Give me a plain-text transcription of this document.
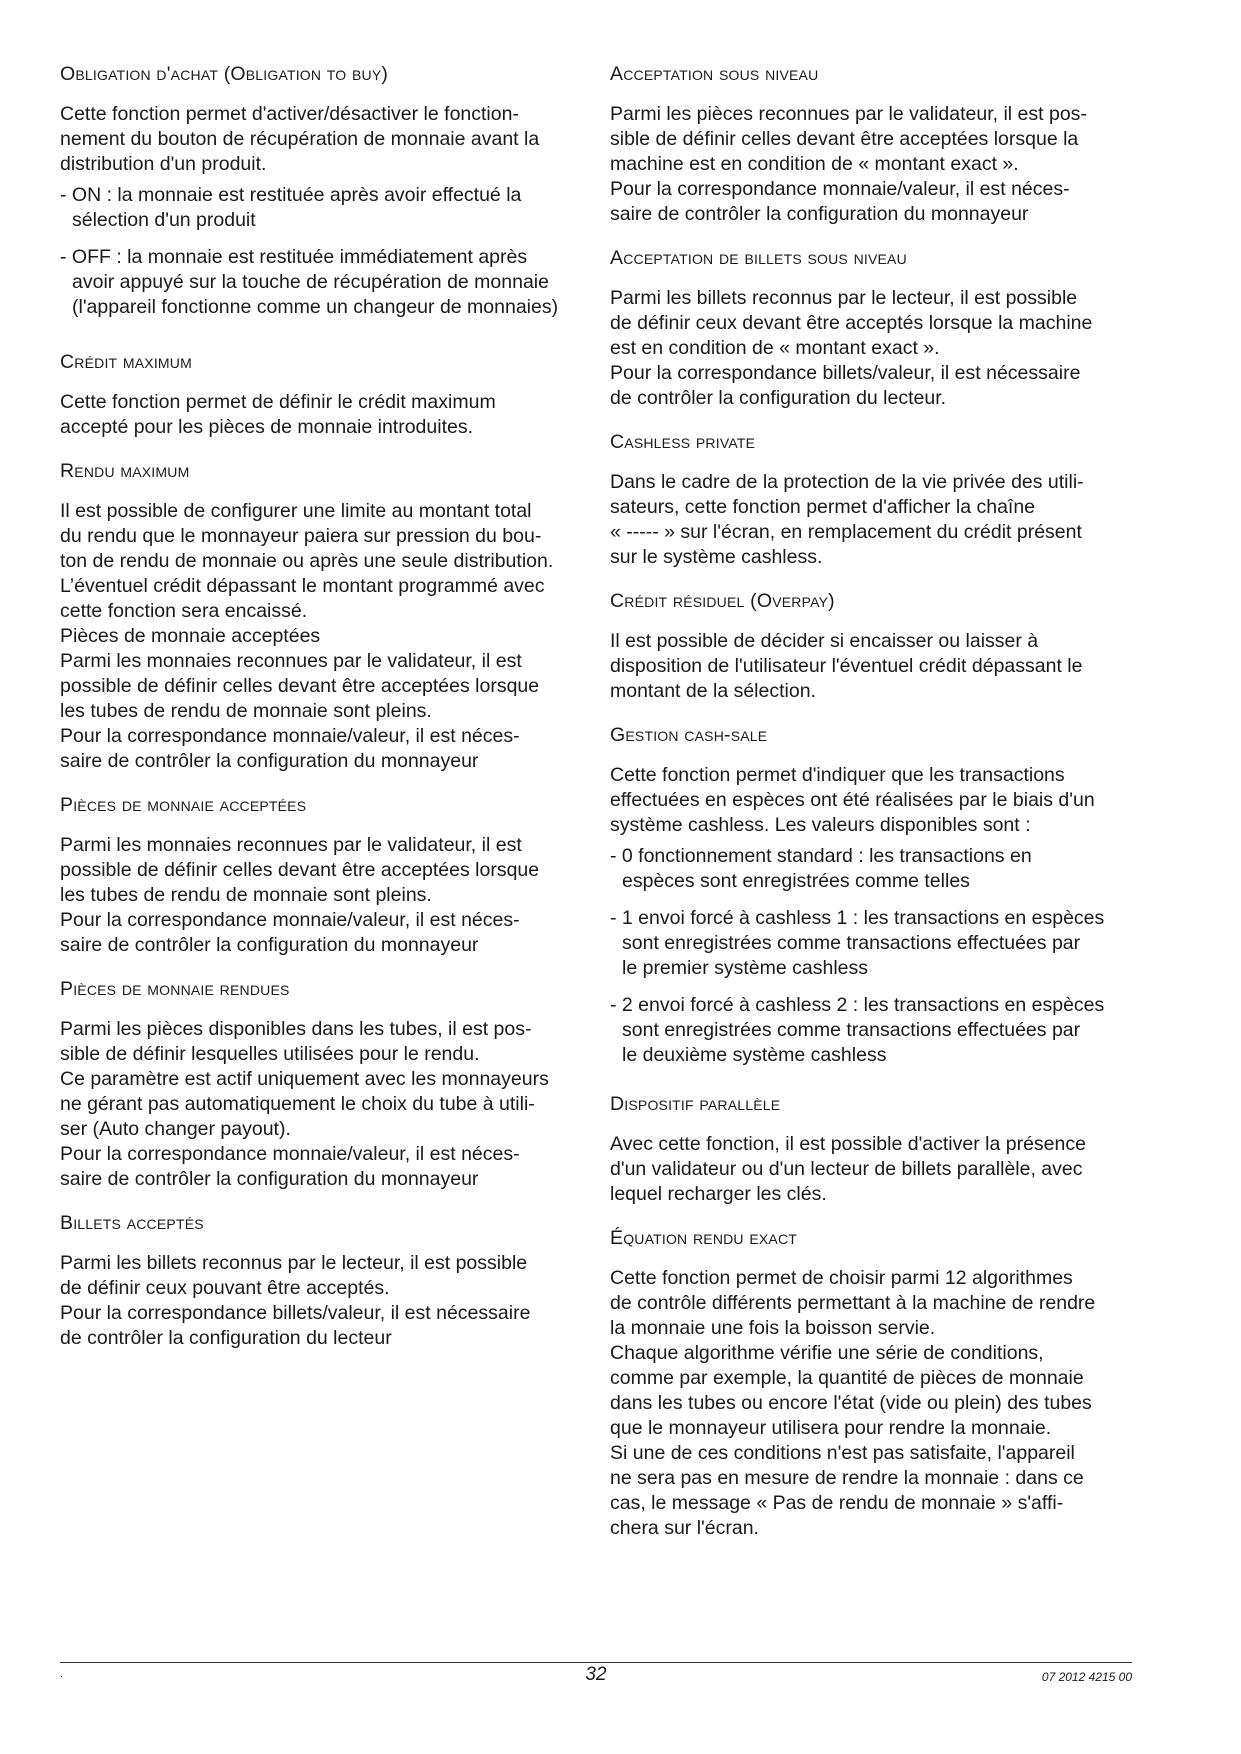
Obligation d'achat (Obligation to buy)

Cette fonction permet d'activer/désactiver le fonction-
nement du bouton de récupération de monnaie avant la
distribution d'un produit.

- ON : la monnaie est restituée après avoir effectué la
sélection d'un produit
- OFF : la monnaie est restituée immédiatement après
avoir appuyé sur la touche de récupération de monnaie
(l'appareil fonctionne comme un changeur de monnaies)
Crédit maximum

Cette fonction permet de définir le crédit maximum
accepté pour les pièces de monnaie introduites.

Rendu maximum

Il est possible de configurer une limite au montant total
du rendu que le monnayeur paiera sur pression du bou-
ton de rendu de monnaie ou après une seule distribution.
L’éventuel crédit dépassant le montant programmé avec
cette fonction sera encaissé.
Pièces de monnaie acceptées
Parmi les monnaies reconnues par le validateur, il est
possible de définir celles devant être acceptées lorsque
les tubes de rendu de monnaie sont pleins.
Pour la correspondance monnaie/valeur, il est néces-
saire de contrôler la configuration du monnayeur

Pièces de monnaie acceptées

Parmi les monnaies reconnues par le validateur, il est
possible de définir celles devant être acceptées lorsque
les tubes de rendu de monnaie sont pleins.
Pour la correspondance monnaie/valeur, il est néces-
saire de contrôler la configuration du monnayeur

Pièces de monnaie rendues

Parmi les pièces disponibles dans les tubes, il est pos-
sible de définir lesquelles utilisées pour le rendu.
Ce paramètre est actif uniquement avec les monnayeurs
ne gérant pas automatiquement le choix du tube à utili-
ser (Auto changer payout).
Pour la correspondance monnaie/valeur, il est néces-
saire de contrôler la configuration du monnayeur

Billets acceptés

Parmi les billets reconnus par le lecteur, il est possible
de définir ceux pouvant être acceptés.
Pour la correspondance billets/valeur, il est nécessaire
de contrôler la configuration du lecteur

Acceptation sous niveau

Parmi les pièces reconnues par le validateur, il est pos-
sible de définir celles devant être acceptées lorsque la
machine est en condition de « montant exact ».
Pour la correspondance monnaie/valeur, il est néces-
saire de contrôler la configuration du monnayeur

Acceptation de billets sous niveau

Parmi les billets reconnus par le lecteur, il est possible
de définir ceux devant être acceptés lorsque la machine
est en condition de « montant exact ».
Pour la correspondance billets/valeur, il est nécessaire
de contrôler la configuration du lecteur.

Cashless private

Dans le cadre de la protection de la vie privée des utili-
sateurs, cette fonction permet d'afficher la chaîne
« ----- » sur l'écran, en remplacement du crédit présent
sur le système cashless.

Crédit résiduel (Overpay)

Il est possible de décider si encaisser ou laisser à
disposition de l'utilisateur l'éventuel crédit dépassant le
montant de la sélection.

Gestion cash-sale

Cette fonction permet d'indiquer que les transactions
effectuées en espèces ont été réalisées par le biais d'un
système cashless. Les valeurs disponibles sont :

- 0 fonctionnement standard : les transactions en
espèces sont enregistrées comme telles
- 1 envoi forcé à cashless 1 : les transactions en espèces
sont enregistrées comme transactions effectuées par
le premier système cashless
- 2 envoi forcé à cashless 2 : les transactions en espèces
sont enregistrées comme transactions effectuées par
le deuxième système cashless
Dispositif parallèle

Avec cette fonction, il est possible d'activer la présence
d'un validateur ou d'un lecteur de billets parallèle, avec
lequel recharger les clés.

Équation rendu exact

Cette fonction permet de choisir parmi 12 algorithmes
de contrôle différents permettant à la machine de rendre
la monnaie une fois la boisson servie.
Chaque algorithme vérifie une série de conditions,
comme par exemple, la quantité de pièces de monnaie
dans les tubes ou encore l'état (vide ou plein) des tubes
que le monnayeur utilisera pour rendre la monnaie.
Si une de ces conditions n'est pas satisfaite, l'appareil
ne sera pas en mesure de rendre la monnaie : dans ce
cas, le message « Pas de rendu de monnaie » s'affi-
chera sur l'écran.

.	32	07 2012 4215 00
